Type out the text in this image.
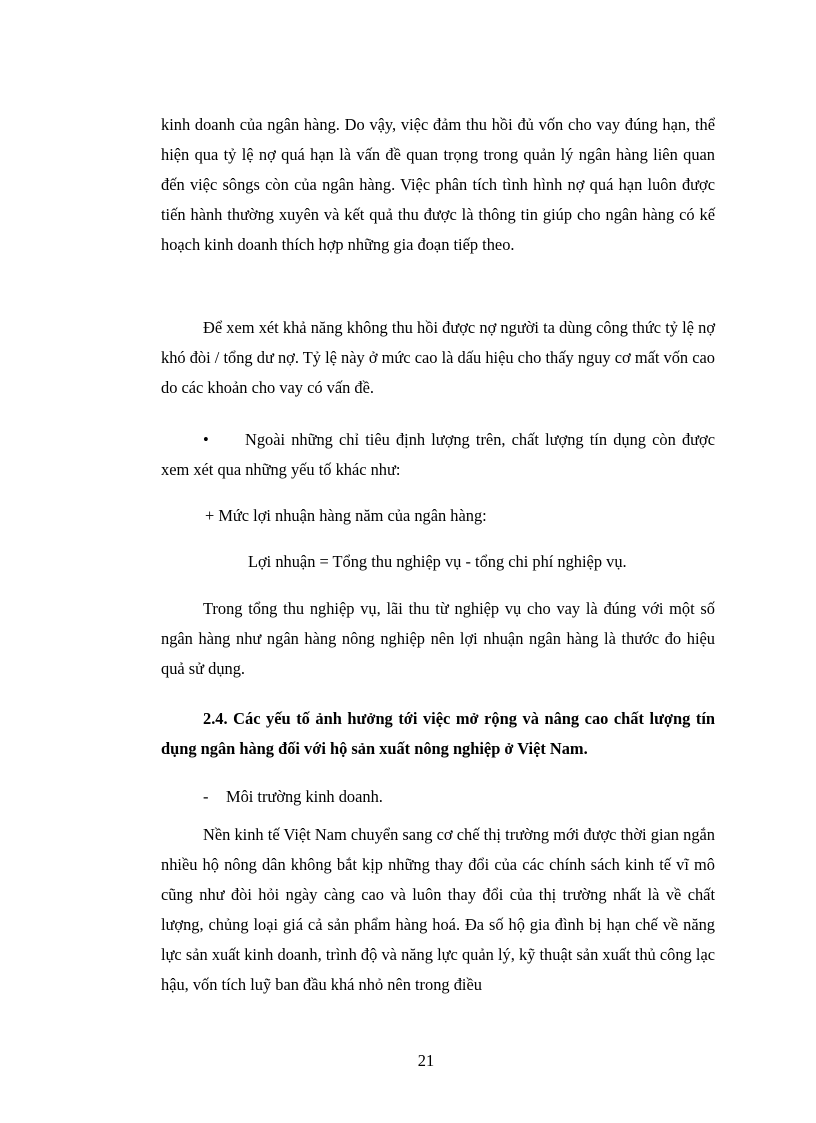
kinh doanh của ngân hàng. Do vậy, việc đảm thu hồi đủ vốn cho vay đúng hạn, thể hiện qua tỷ lệ nợ quá hạn là vấn đề quan trọng trong quản lý ngân hàng liên quan đến việc sôngs còn của ngân hàng. Việc phân tích tình hình nợ quá hạn luôn được tiến hành thường xuyên và kết quả thu được là thông tin giúp cho ngân hàng có kế hoạch kinh doanh thích hợp những gia đoạn tiếp theo.

Để xem xét khả năng không thu hồi được nợ người ta dùng công thức tỷ lệ nợ khó đòi / tổng dư nợ. Tỷ lệ này ở mức cao là dấu hiệu cho thấy nguy cơ mất vốn cao do các khoản cho vay có vấn đề.

• Ngoài những chỉ tiêu định lượng trên, chất lượng tín dụng còn được xem xét qua những yếu tố khác như:

+ Mức lợi nhuận hàng năm của ngân hàng:

Lợi nhuận = Tổng thu nghiệp vụ - tổng chi phí nghiệp vụ.

Trong tổng thu nghiệp vụ, lãi thu từ nghiệp vụ cho vay là đúng với một số ngân hàng như ngân hàng nông nghiệp nên lợi nhuận ngân hàng là thước đo hiệu quả sử dụng.

2.4. Các yếu tố ảnh hưởng tới việc mở rộng và nâng cao chất lượng tín dụng ngân hàng đối với hộ sản xuất nông nghiệp ở Việt Nam.

- Môi trường kinh doanh.

Nền kinh tế Việt Nam chuyển sang cơ chế thị trường mới được thời gian ngắn nhiều hộ nông dân không bắt kịp những thay đổi của các chính sách kinh tế vĩ mô cũng như đòi hỏi ngày càng cao và luôn thay đổi của thị trường nhất là về chất lượng, chủng loại giá cả sản phẩm hàng hoá. Đa số hộ gia đình bị hạn chế về năng lực sản xuất kinh doanh, trình độ và năng lực quản lý, kỹ thuật sản xuất thủ công lạc hậu, vốn tích luỹ ban đầu khá nhỏ nên trong điều

21
